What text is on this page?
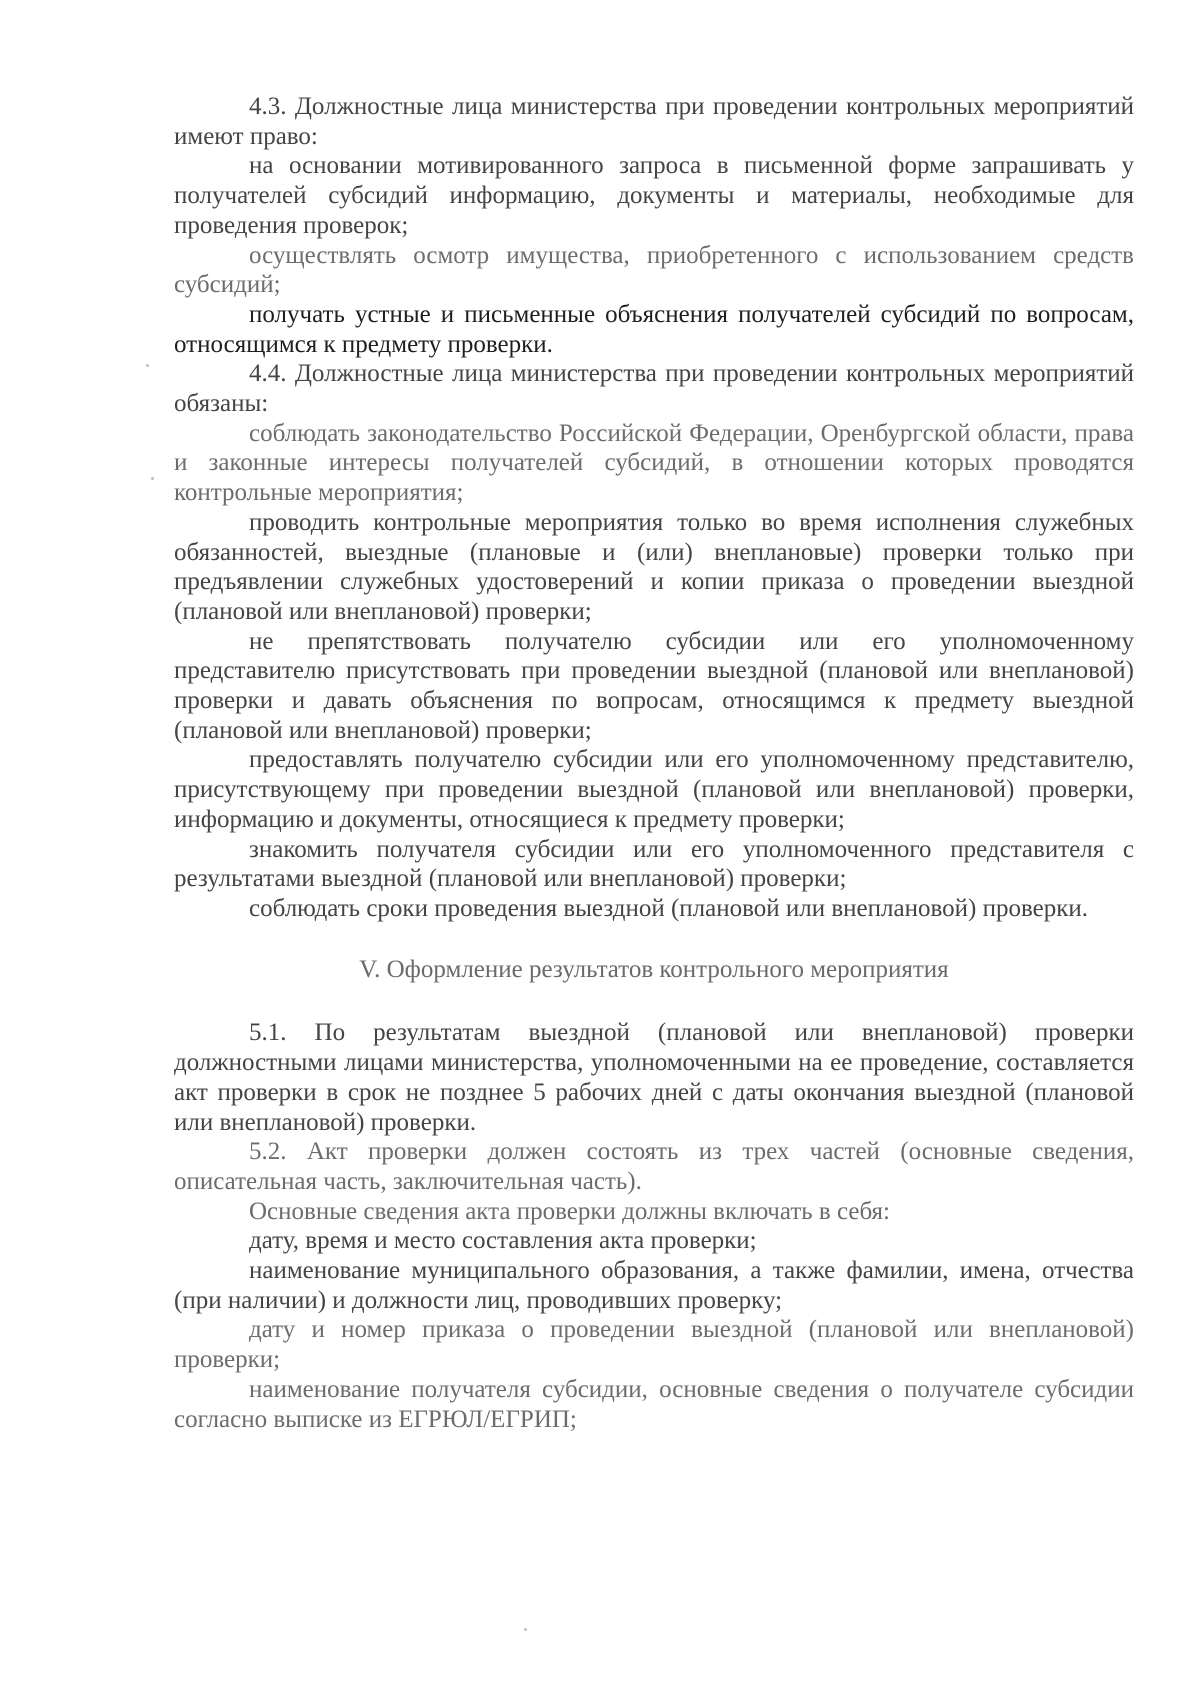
4.3. Должностные лица министерства при проведении контрольных мероприятий имеют право:

на основании мотивированного запроса в письменной форме запрашивать у получателей субсидий информацию, документы и материалы, необходимые для проведения проверок;

осуществлять осмотр имущества, приобретенного с использованием средств субсидий;

получать устные и письменные объяснения получателей субсидий по вопросам, относящимся к предмету проверки.

4.4. Должностные лица министерства при проведении контрольных мероприятий обязаны:

соблюдать законодательство Российской Федерации, Оренбургской области, права и законные интересы получателей субсидий, в отношении которых проводятся контрольные мероприятия;

проводить контрольные мероприятия только во время исполнения служебных обязанностей, выездные (плановые и (или) внеплановые) проверки только при предъявлении служебных удостоверений и копии приказа о проведении выездной (плановой или внеплановой) проверки;

не препятствовать получателю субсидии или его уполномоченному представителю присутствовать при проведении выездной (плановой или внеплановой) проверки и давать объяснения по вопросам, относящимся к предмету выездной (плановой или внеплановой) проверки;

предоставлять получателю субсидии или его уполномоченному представителю, присутствующему при проведении выездной (плановой или внеплановой) проверки, информацию и документы, относящиеся к предмету проверки;

знакомить получателя субсидии или его уполномоченного представителя с результатами выездной (плановой или внеплановой) проверки;

соблюдать сроки проведения выездной (плановой или внеплановой) проверки.

V. Оформление результатов контрольного мероприятия

5.1. По результатам выездной (плановой или внеплановой) проверки должностными лицами министерства, уполномоченными на ее проведение, составляется акт проверки в срок не позднее 5 рабочих дней с даты окончания выездной (плановой или внеплановой) проверки.

5.2. Акт проверки должен состоять из трех частей (основные сведения, описательная часть, заключительная часть).

Основные сведения акта проверки должны включать в себя:

дату, время и место составления акта проверки;

наименование муниципального образования, а также фамилии, имена, отчества (при наличии) и должности лиц, проводивших проверку;

дату и номер приказа о проведении выездной (плановой или внеплановой) проверки;

наименование получателя субсидии, основные сведения о получателе субсидии согласно выписке из ЕГРЮЛ/ЕГРИП;
